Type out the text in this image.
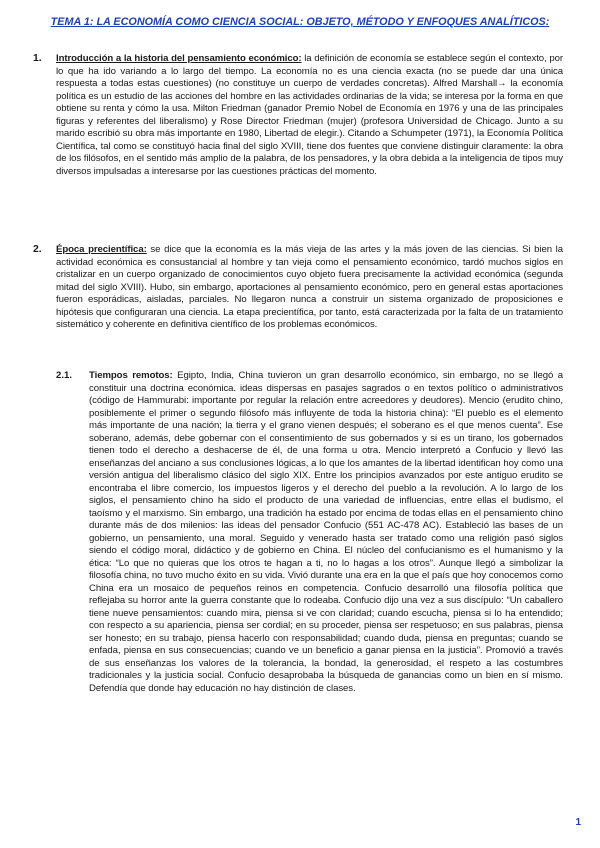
TEMA 1: LA ECONOMÍA COMO CIENCIA SOCIAL: OBJETO, MÉTODO Y ENFOQUES ANALÍTICOS:
1. Introducción a la historia del pensamiento económico: la definición de economía se establece según el contexto, por lo que ha ido variando a lo largo del tiempo. La economía no es una ciencia exacta (no se puede dar una única respuesta a todas estas cuestiones) (no constituye un cuerpo de verdades concretas). Alfred Marshall→ la economía política es un estudio de las acciones del hombre en las actividades ordinarias de la vida; se interesa por la forma en que obtiene su renta y cómo la usa. Milton Friedman (ganador Premio Nobel de Economía en 1976 y una de las principales figuras y referentes del liberalismo) y Rose Director Friedman (mujer) (profesora Universidad de Chicago. Junto a su marido escribió su obra más importante en 1980, Libertad de elegir.). Citando a Schumpeter (1971), la Economía Política Científica, tal como se constituyó hacia final del siglo XVIII, tiene dos fuentes que conviene distinguir claramente: la obra de los filósofos, en el sentido más amplio de la palabra, de los pensadores, y la obra debida a la inteligencia de tipos muy diversos impulsadas a interesarse por las cuestiones prácticas del momento.
2. Época precientífica: se dice que la economía es la más vieja de las artes y la más joven de las ciencias. Si bien la actividad económica es consustancial al hombre y tan vieja como el pensamiento económico, tardó muchos siglos en cristalizar en un cuerpo organizado de conocimientos cuyo objeto fuera precisamente la actividad económica (segunda mitad del siglo XVIII). Hubo, sin embargo, aportaciones al pensamiento económico, pero en general estas aportaciones fueron esporádicas, aisladas, parciales. No llegaron nunca a construir un sistema organizado de proposiciones e hipótesis que configuraran una ciencia. La etapa precientífica, por tanto, está caracterizada por la falta de un tratamiento sistemático y coherente en definitiva científico de los problemas económicos.
2.1. Tiempos remotos: Egipto, India, China tuvieron un gran desarrollo económico, sin embargo, no se llegó a constituir una doctrina económica. ideas dispersas en pasajes sagrados o en textos político o administrativos (código de Hammurabi: importante por regular la relación entre acreedores y deudores). Mencio (erudito chino, posiblemente el primer o segundo filósofo más influyente de toda la historia china): “El pueblo es el elemento más importante de una nación; la tierra y el grano vienen después; el soberano es el que menos cuenta”. Ese soberano, además, debe gobernar con el consentimiento de sus gobernados y si es un tirano, los gobernados tienen todo el derecho a deshacerse de él, de una forma u otra. Mencio interpretó a Confucio y llevó las enseñanzas del anciano a sus conclusiones lógicas, a lo que los amantes de la libertad identifican hoy como una versión antigua del liberalismo clásico del siglo XIX. Entre los principios avanzados por este antiguo erudito se encontraba el libre comercio, los impuestos ligeros y el derecho del pueblo a la revolución. A lo largo de los siglos, el pensamiento chino ha sido el producto de una variedad de influencias, entre ellas el budismo, el taoísmo y el marxismo. Sin embargo, una tradición ha estado por encima de todas ellas en el pensamiento chino durante más de dos milenios: las ideas del pensador Confucio (551 AC-478 AC). Estableció las bases de un gobierno, un pensamiento, una moral. Seguido y venerado hasta ser tratado como una religión pasó siglos siendo el código moral, didáctico y de gobierno en China. El núcleo del confucianismo es el humanismo y la ética: “Lo que no quieras que los otros te hagan a ti, no lo hagas a los otros”. Aunque llegó a simbolizar la filosofía china, no tuvo mucho éxito en su vida. Vivió durante una era en la que el país que hoy conocemos como China era un mosaico de pequeños reinos en competencia. Confucio desarrolló una filosofía política que reflejaba su horror ante la guerra constante que lo rodeaba. Confucio dijo una vez a sus discípulo: “Un caballero tiene nueve pensamientos: cuando mira, piensa si ve con claridad; cuando escucha, piensa si lo ha entendido; con respecto a su apariencia, piensa ser cordial; en su proceder, piensa ser respetuoso; en sus palabras, piensa ser honesto; en su trabajo, piensa hacerlo con responsabilidad; cuando duda, piensa en preguntas; cuando se enfada, piensa en sus consecuencias; cuando ve un beneficio a ganar piensa en la justicia”. Promovió a través de sus enseñanzas los valores de la tolerancia, la bondad, la generosidad, el respeto a las costumbres tradicionales y la justicia social. Confucio desaprobaba la búsqueda de ganancias como un bien en sí mismo. Defendía que donde hay educación no hay distinción de clases.
1
